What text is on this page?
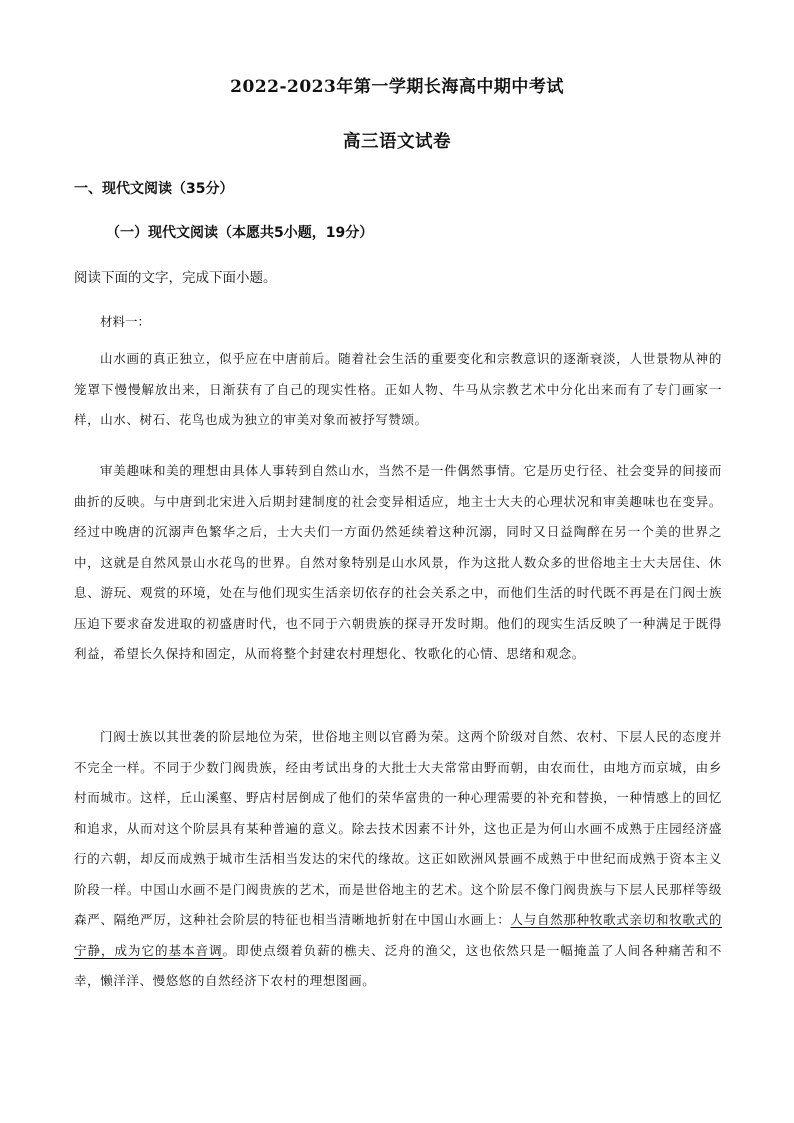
2022-2023年第一学期长海高中期中考试
高三语文试卷

一、现代文阅读（35分）

（一）现代文阅读（本愿共5小题，19分）

阅读下面的文字，完成下面小题。

材料一：

山水画的真正独立，似乎应在中唐前后。随着社会生活的重要变化和宗教意识的逐渐衰淡，人世景物从神的笼罩下慢慢解放出来，日渐获有了自己的现实性格。正如人物、牛马从宗教艺术中分化出来而有了专门画家一样，山水、树石、花鸟也成为独立的审美对象而被抒写赞颂。

审美趣味和美的理想由具体人事转到自然山水，当然不是一件偶然事情。它是历史行径、社会变异的间接而曲折的反映。与中唐到北宋进入后期封建制度的社会变异相适应，地主士大夫的心理状况和审美趣味也在变异。经过中晚唐的沉溺声色繁华之后，士大夫们一方面仍然延续着这种沉溺，同时又日益陶醉在另一个美的世界之中，这就是自然风景山水花鸟的世界。自然对象特别是山水风景，作为这批人数众多的世俗地主士大夫居住、休息、游玩、观赏的环境，处在与他们现实生活亲切依存的社会关系之中，而他们生活的时代既不再是在门阀士族压迫下要求奋发进取的初盛唐时代，也不同于六朝贵族的探寻开发时期。他们的现实生活反映了一种满足于既得利益，希望长久保持和固定，从而将整个封建农村理想化、牧歌化的心情、思绪和观念。

门阀士族以其世袭的阶层地位为荣，世俗地主则以官爵为荣。这两个阶级对自然、农村、下层人民的态度并不完全一样。不同于少数门阀贵族，经由考试出身的大批士大夫常常由野而朝，由农而仕，由地方而京城，由乡村而城市。这样，丘山溪壑、野店村居倒成了他们的荣华富贵的一种心理需要的补充和替换，一种情感上的回忆和追求，从而对这个阶层具有某种普遍的意义。除去技术因素不计外，这也正是为何山水画不成熟于庄园经济盛行的六朝，却反而成熟于城市生活相当发达的宋代的缘故。这正如欧洲风景画不成熟于中世纪而成熟于资本主义阶段一样。中国山水画不是门阀贵族的艺术，而是世俗地主的艺术。这个阶层不像门阀贵族与下层人民那样等级森严、隔绝严厉，这种社会阶层的特征也相当清晰地折射在中国山水画上：人与自然那种牧歌式亲切和牧歌式的宁静，成为它的基本音调。即使点缀着负薪的樵夫、泛舟的渔父，这也依然只是一幅掩盖了人间各种痛苦和不幸，懒洋洋、慢悠悠的自然经济下农村的理想图画。
